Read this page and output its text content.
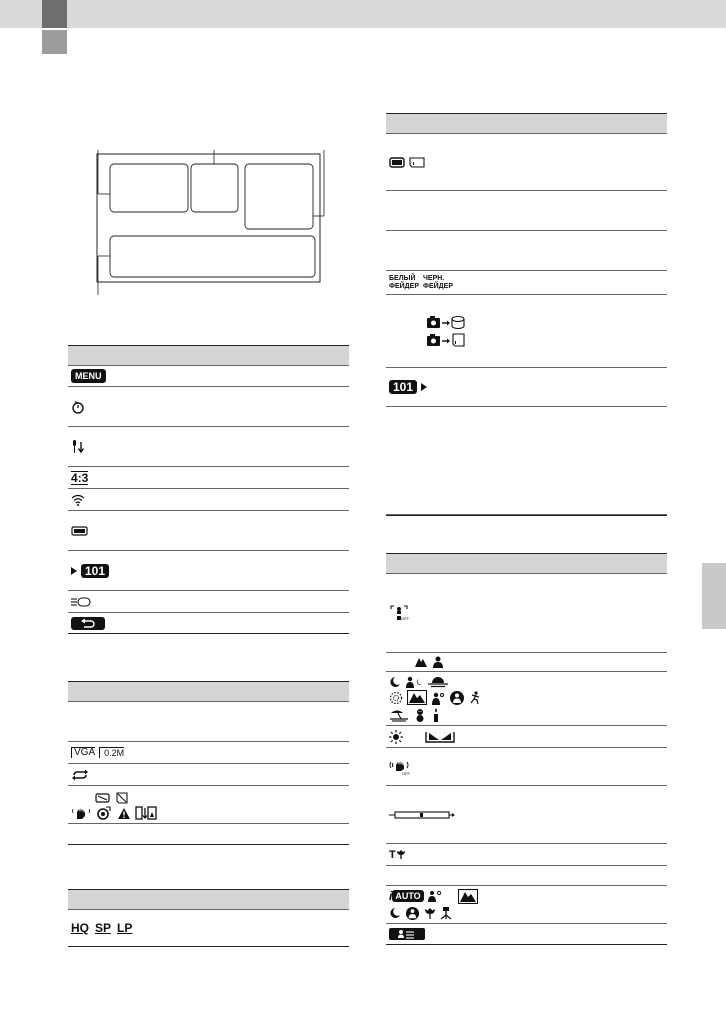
MENU
4:3
101
VGA	0.2M
HQ SP LP
БЕЛЫЙ
ФЕЙДЕР
ЧЕРН.
ФЕЙДЕР
101
OFF
OFF
T
i AUTO
